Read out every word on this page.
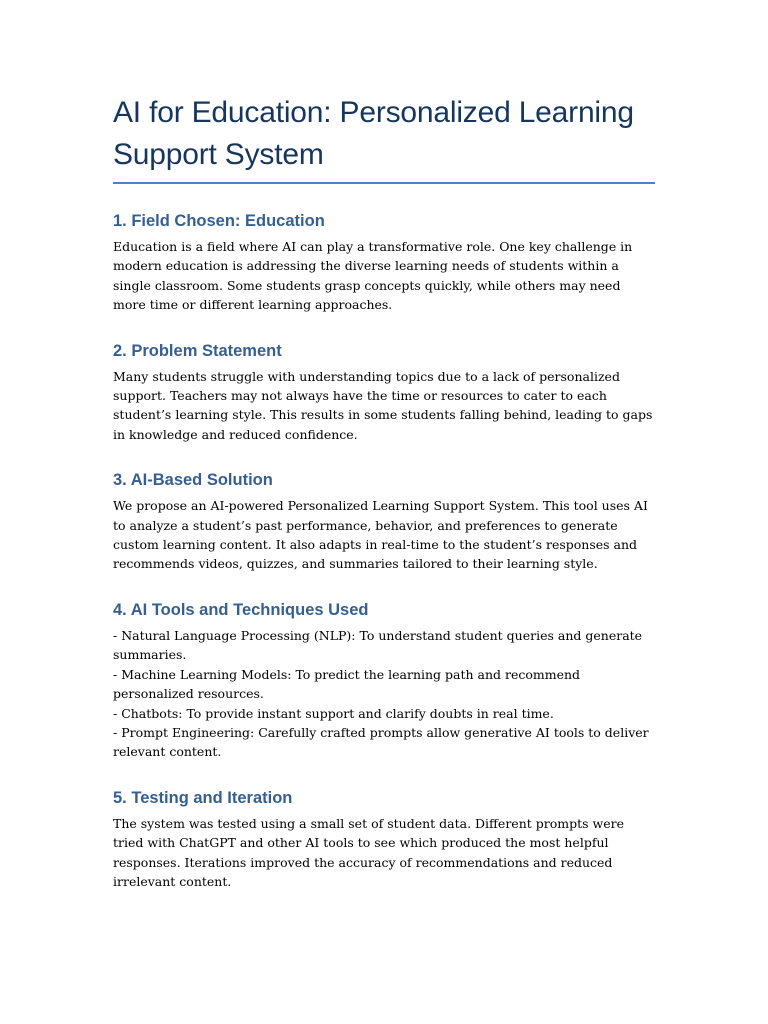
AI for Education: Personalized Learning Support System
1. Field Chosen: Education

Education is a field where AI can play a transformative role. One key challenge in modern education is addressing the diverse learning needs of students within a single classroom. Some students grasp concepts quickly, while others may need more time or different learning approaches.

2. Problem Statement

Many students struggle with understanding topics due to a lack of personalized support. Teachers may not always have the time or resources to cater to each student’s learning style. This results in some students falling behind, leading to gaps in knowledge and reduced confidence.

3. AI-Based Solution

We propose an AI-powered Personalized Learning Support System. This tool uses AI to analyze a student’s past performance, behavior, and preferences to generate custom learning content. It also adapts in real-time to the student’s responses and recommends videos, quizzes, and summaries tailored to their learning style.

4. AI Tools and Techniques Used

- Natural Language Processing (NLP): To understand student queries and generate summaries.

- Machine Learning Models: To predict the learning path and recommend personalized resources.

- Chatbots: To provide instant support and clarify doubts in real time.

- Prompt Engineering: Carefully crafted prompts allow generative AI tools to deliver relevant content.

5. Testing and Iteration

The system was tested using a small set of student data. Different prompts were tried with ChatGPT and other AI tools to see which produced the most helpful responses. Iterations improved the accuracy of recommendations and reduced irrelevant content.
